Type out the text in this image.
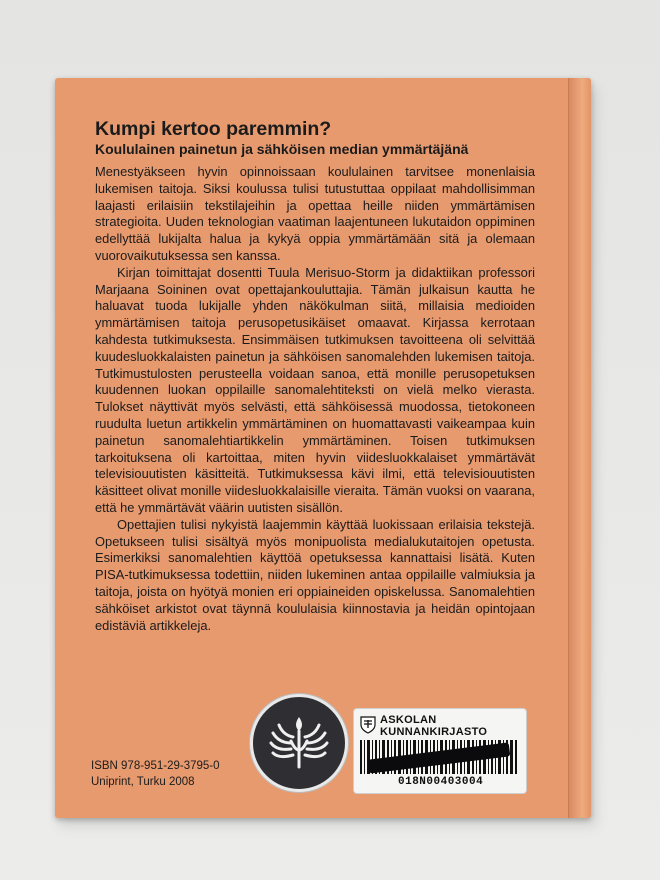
Kumpi kertoo paremmin?
Koululainen painetun ja sähköisen median ymmärtäjänä

Menestyäkseen hyvin opinnoissaan koululainen tarvitsee monenlaisia lukemisen taitoja. Siksi koulussa tulisi tutustuttaa oppilaat mahdollisimman laajasti erilaisiin tekstilajeihin ja opettaa heille niiden ymmärtämisen strategioita. Uuden teknologian vaatiman laajentuneen lukutaidon oppiminen edellyttää lukijalta halua ja kykyä oppia ymmärtämään sitä ja olemaan vuorovaikutuksessa sen kanssa.

Kirjan toimittajat dosentti Tuula Merisuo-Storm ja didaktiikan professori Marjaana Soininen ovat opettajankouluttajia. Tämän julkaisun kautta he haluavat tuoda lukijalle yhden näkökulman siitä, millaisia medioiden ymmärtämisen taitoja perusopetusikäiset omaavat. Kirjassa kerrotaan kahdesta tutkimuksesta. Ensimmäisen tutkimuksen tavoitteena oli selvittää kuudesluokkalaisten painetun ja sähköisen sanomalehden lukemisen taitoja. Tutkimustulosten perusteella voidaan sanoa, että monille perusopetuksen kuudennen luokan oppilaille sanomalehtiteksti on vielä melko vierasta. Tulokset näyttivät myös selvästi, että sähköisessä muodossa, tietokoneen ruudulta luetun artikkelin ymmärtäminen on huomattavasti vaikeampaa kuin painetun sanomalehtiartikkelin ymmärtäminen. Toisen tutkimuksen tarkoituksena oli kartoittaa, miten hyvin viidesluokkalaiset ymmärtävät televisiouutisten käsitteitä. Tutkimuksessa kävi ilmi, että televisiouutisten käsitteet olivat monille viidesluokkalaisille vieraita. Tämän vuoksi on vaarana, että he ymmärtävät väärin uutisten sisällön.

Opettajien tulisi nykyistä laajemmin käyttää luokissaan erilaisia tekstejä. Opetukseen tulisi sisältyä myös monipuolista medialukutaitojen opetusta. Esimerkiksi sanomalehtien käyttöä opetuksessa kannattaisi lisätä. Kuten PISA-tutkimuksessa todettiin, niiden lukeminen antaa oppilaille valmiuksia ja taitoja, joista on hyötyä monien eri oppiaineiden opiskelussa. Sanomalehtien sähköiset arkistot ovat täynnä koululaisia kiinnostavia ja heidän opintojaan edistäviä artikkeleja.

ISBN 978-951-29-3795-0
Uniprint, Turku 2008
ASKOLAN
KUNNANKIRJASTO
018N00403004
